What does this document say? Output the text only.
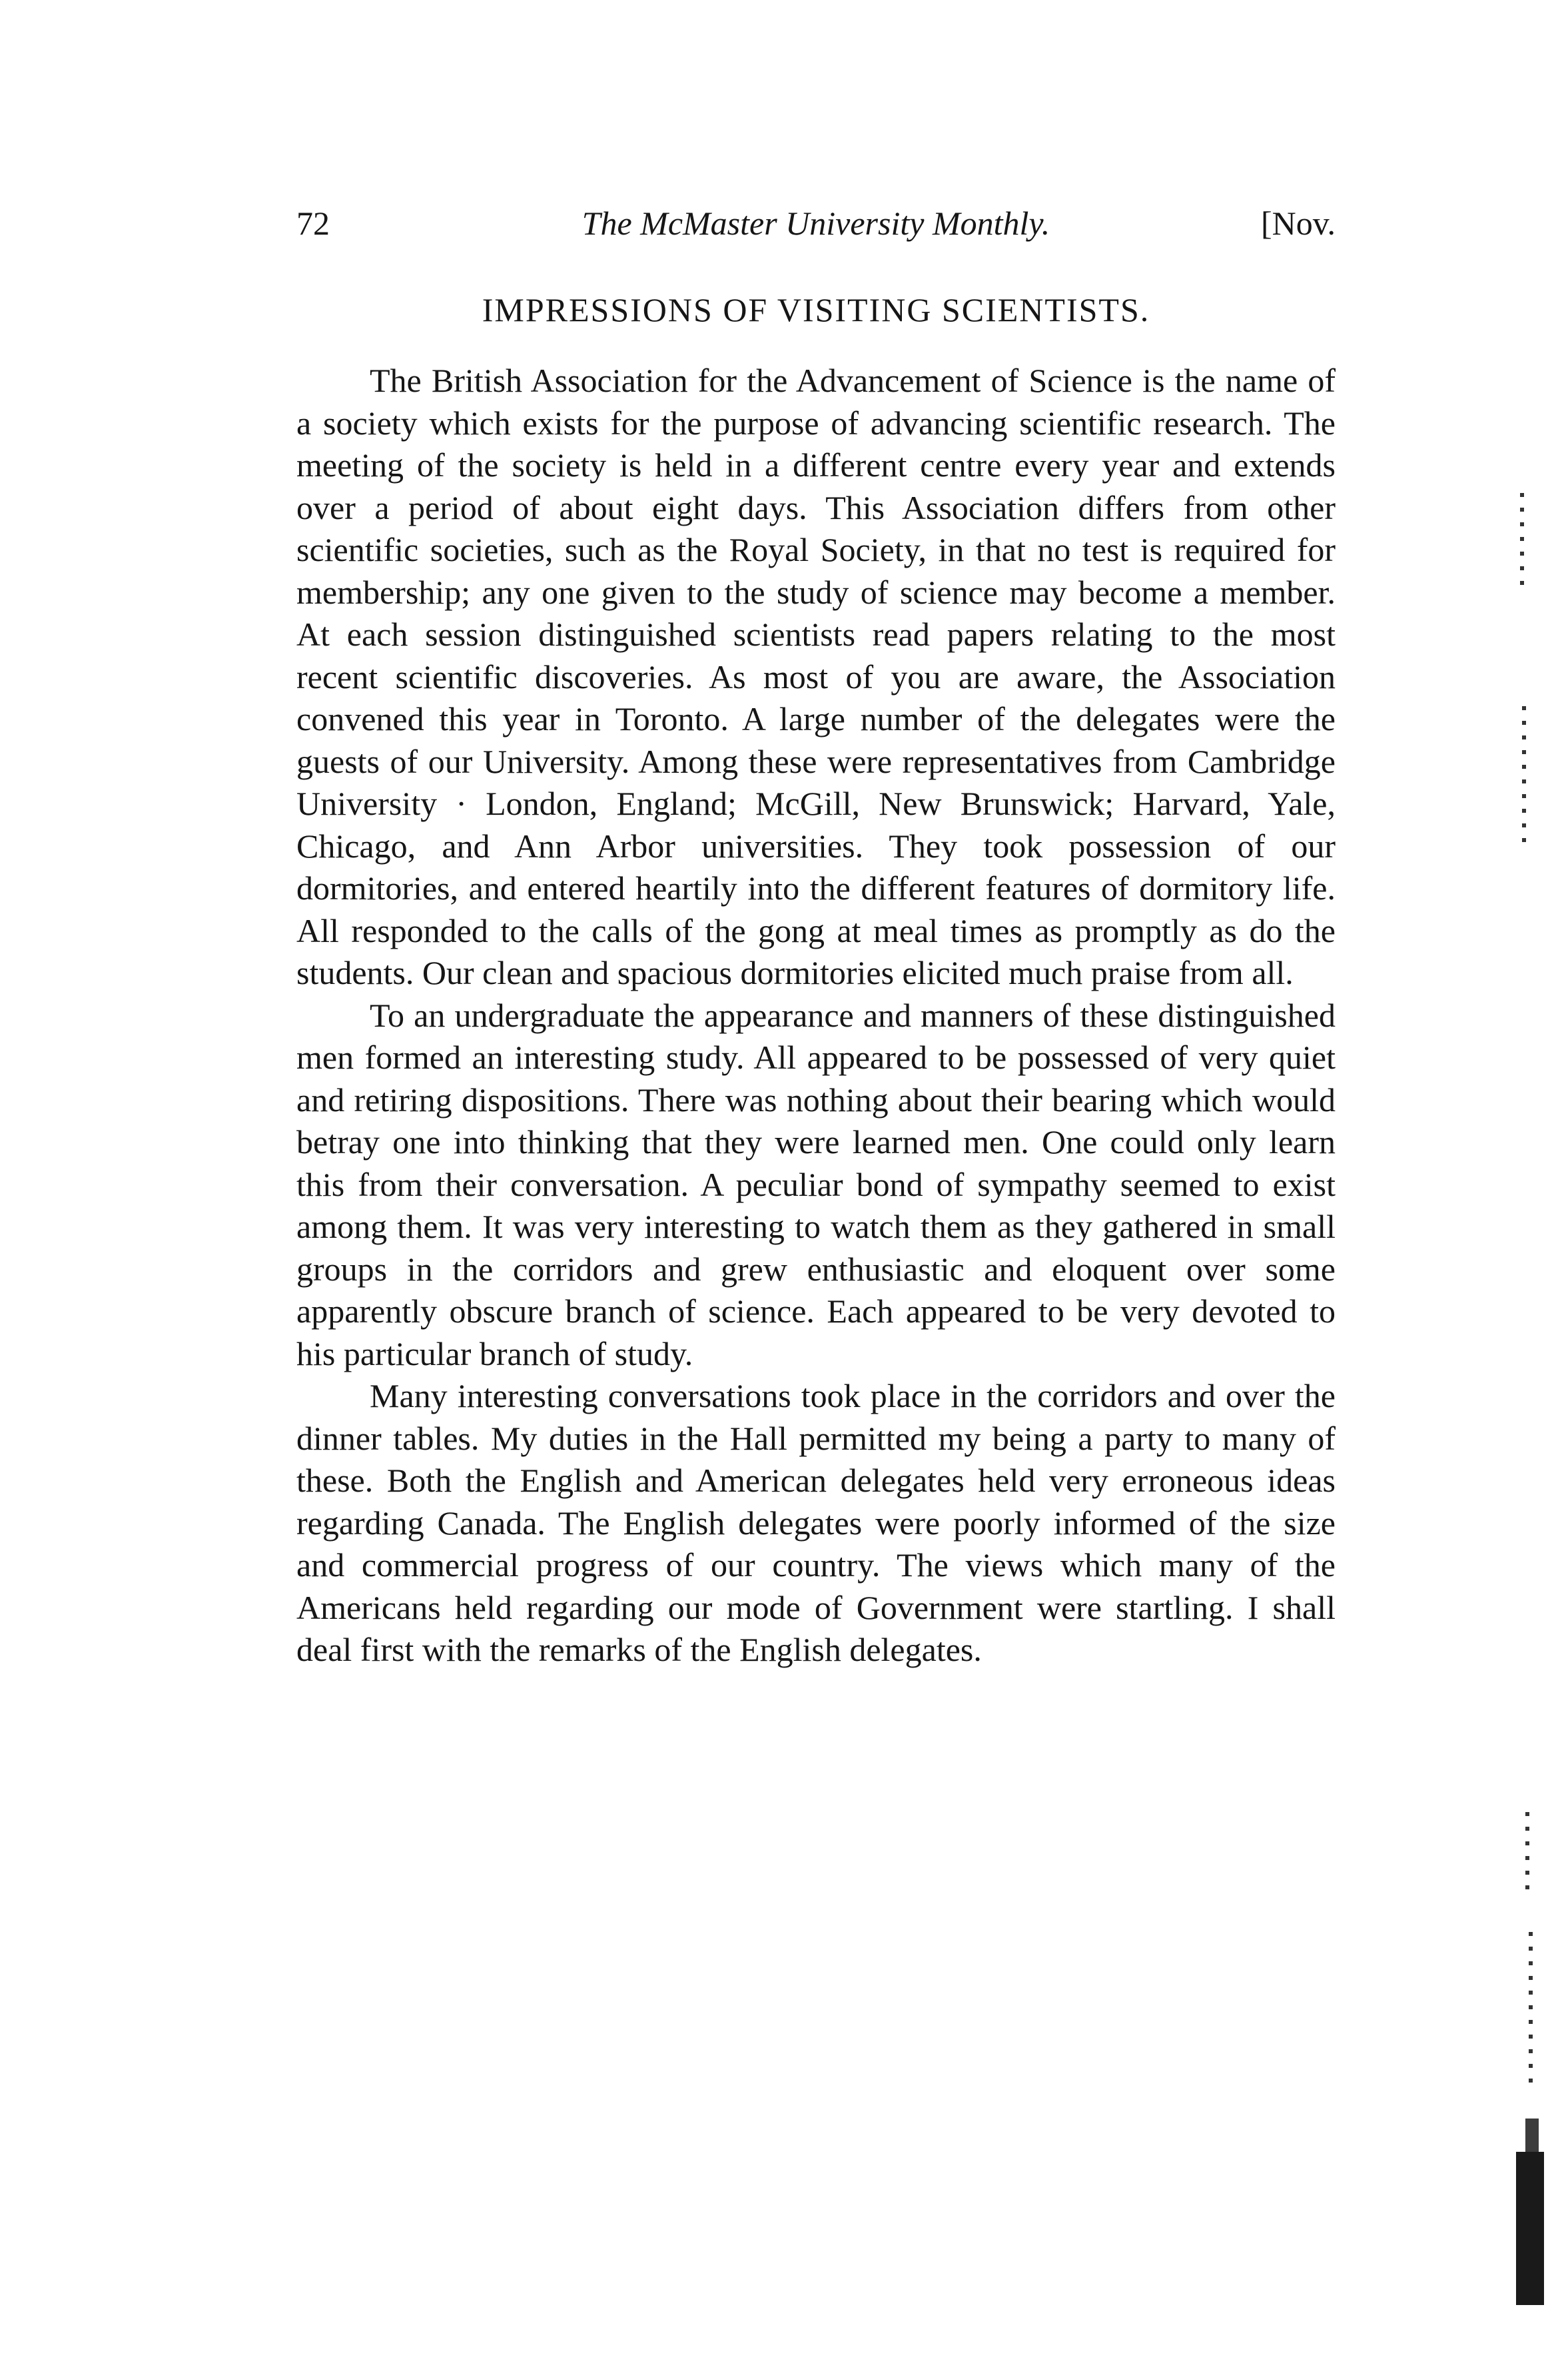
72	The McMaster University Monthly.	[Nov.
IMPRESSIONS OF VISITING SCIENTISTS.

The British Association for the Advancement of Science is the name of a society which exists for the purpose of advancing scientific research. The meeting of the society is held in a different centre every year and extends over a period of about eight days. This Association differs from other scientific societies, such as the Royal Society, in that no test is required for membership; any one given to the study of science may become a member. At each session distinguished scientists read papers relating to the most recent scientific discoveries. As most of you are aware, the Association convened this year in Toronto. A large number of the delegates were the guests of our University. Among these were representatives from Cambridge University · London, England; McGill, New Brunswick; Harvard, Yale, Chicago, and Ann Arbor universities. They took possession of our dormitories, and entered heartily into the different features of dormitory life. All responded to the calls of the gong at meal times as promptly as do the students. Our clean and spacious dormitories elicited much praise from all.

To an undergraduate the appearance and manners of these distinguished men formed an interesting study. All appeared to be possessed of very quiet and retiring dispositions. There was nothing about their bearing which would betray one into thinking that they were learned men. One could only learn this from their conversation. A peculiar bond of sympathy seemed to exist among them. It was very interesting to watch them as they gathered in small groups in the corridors and grew enthusiastic and eloquent over some apparently obscure branch of science. Each appeared to be very devoted to his particular branch of study.

Many interesting conversations took place in the corridors and over the dinner tables. My duties in the Hall permitted my being a party to many of these. Both the English and American delegates held very erroneous ideas regarding Canada. The English delegates were poorly informed of the size and commercial progress of our country. The views which many of the Americans held regarding our mode of Government were startling. I shall deal first with the remarks of the English delegates.
